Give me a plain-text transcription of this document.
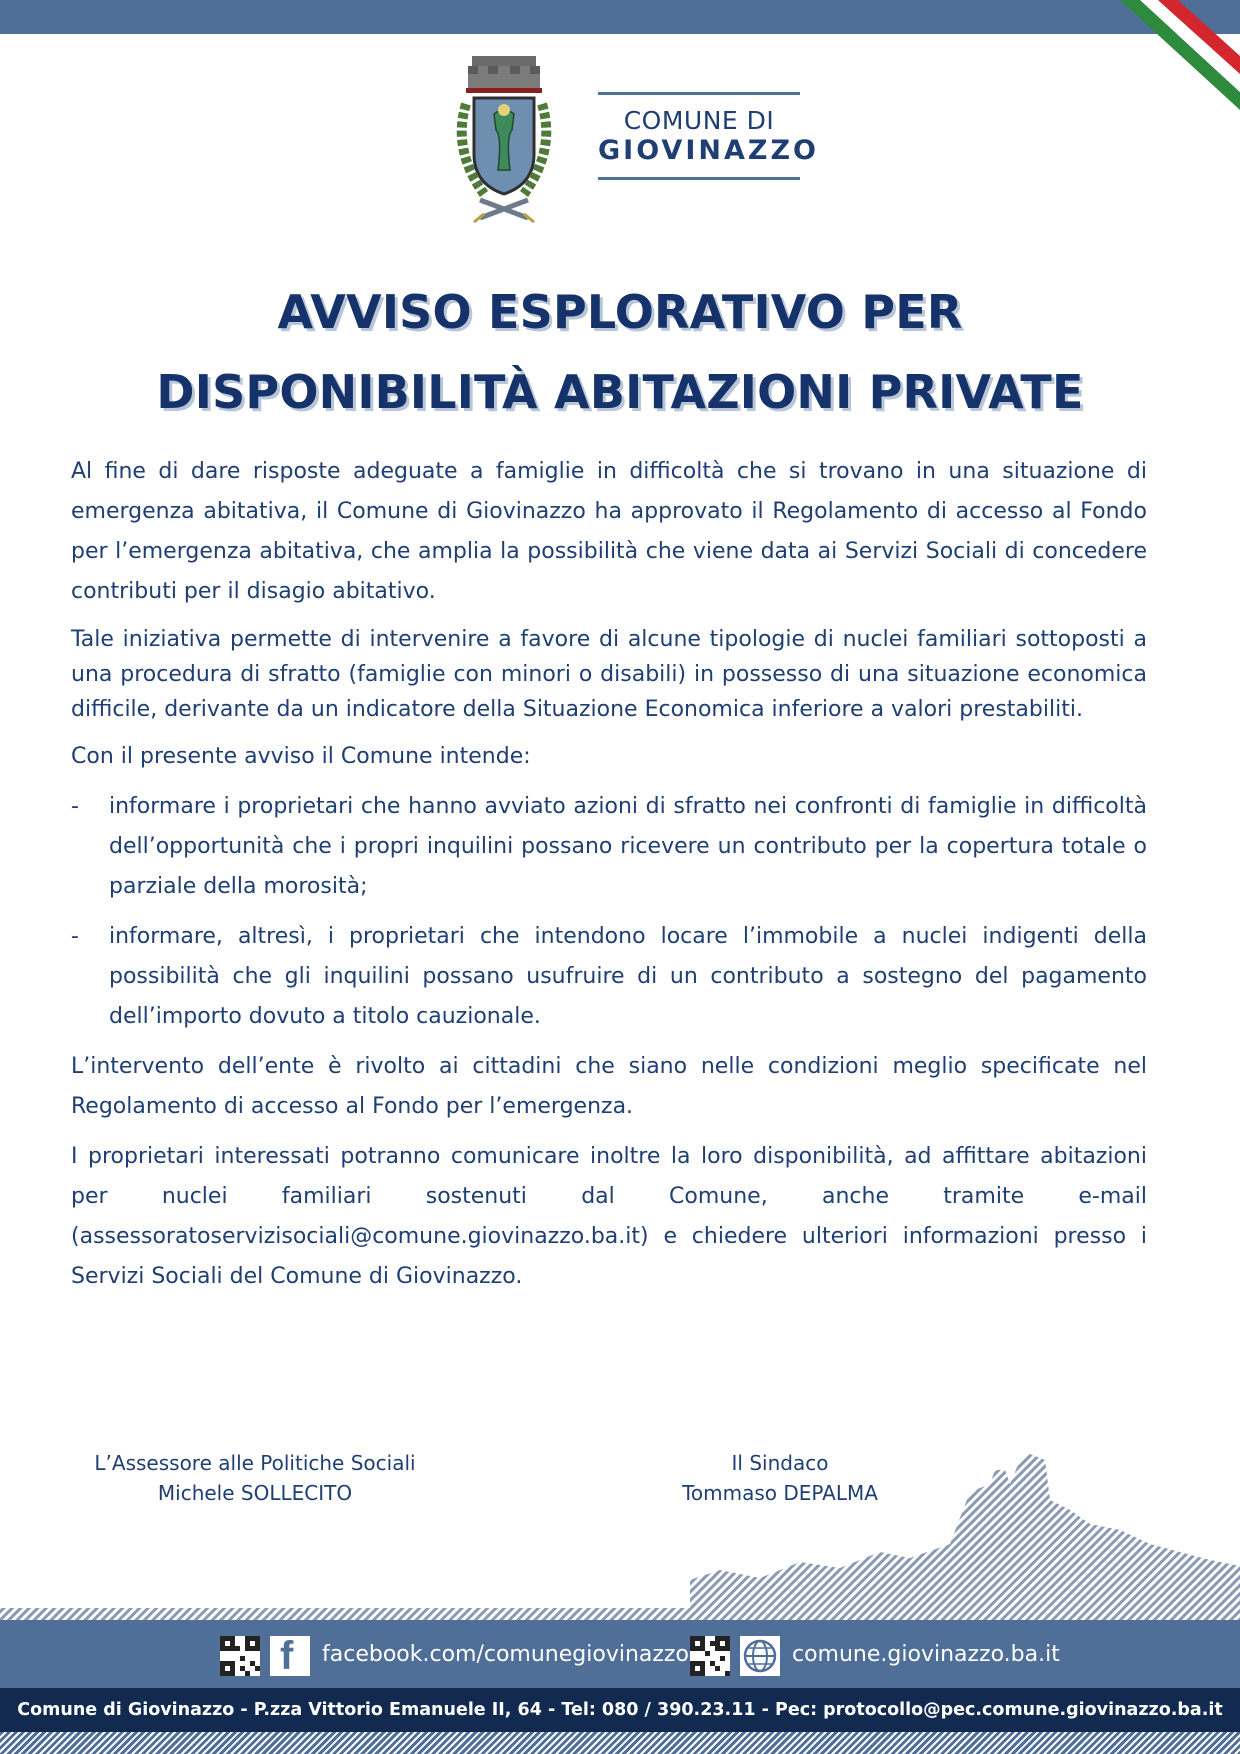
COMUNE DI
GIOVINAZZO
AVVISO ESPLORATIVO PER
DISPONIBILITÀ ABITAZIONI PRIVATE

Al fine di dare risposte adeguate a famiglie in difficoltà che si trovano in una situazione di emergenza abitativa, il Comune di Giovinazzo ha approvato il Regolamento di accesso al Fondo per l’emergenza abitativa, che amplia la possibilità che viene data ai Servizi Sociali di concedere contributi per il disagio abitativo.

Tale iniziativa permette di intervenire a favore di alcune tipologie di nuclei familiari sottoposti a una procedura di sfratto (famiglie con minori o disabili) in possesso di una situazione economica difficile, derivante da un indicatore della Situazione Economica inferiore a valori prestabiliti.

Con il presente avviso il Comune intende:

- informare i proprietari che hanno avviato azioni di sfratto nei confronti di famiglie in difficoltà dell’opportunità che i propri inquilini possano ricevere un contributo per la copertura totale o parziale della morosità;
- informare, altresì, i proprietari che intendono locare l’immobile a nuclei indigenti della possibilità che gli inquilini possano usufruire di un contributo a sostegno del pagamento dell’importo dovuto a titolo cauzionale.

L’intervento dell’ente è rivolto ai cittadini che siano nelle condizioni meglio specificate nel Regolamento di accesso al Fondo per l’emergenza.

I proprietari interessati potranno comunicare inoltre la loro disponibilità, ad affittare abitazioni per nuclei familiari sostenuti dal Comune, anche tramite e-mail (assessoratoservizisociali@comune.giovinazzo.ba.it) e chiedere ulteriori informazioni presso i Servizi Sociali del Comune di Giovinazzo.

L’Assessore alle Politiche Sociali
Michele SOLLECITO
Il Sindaco
Tommaso DEPALMA
f facebook.com/comunegiovinazzo	comune.giovinazzo.ba.it
Comune di Giovinazzo - P.zza Vittorio Emanuele II, 64 - Tel: 080 / 390.23.11 - Pec: protocollo@pec.comune.giovinazzo.ba.it
